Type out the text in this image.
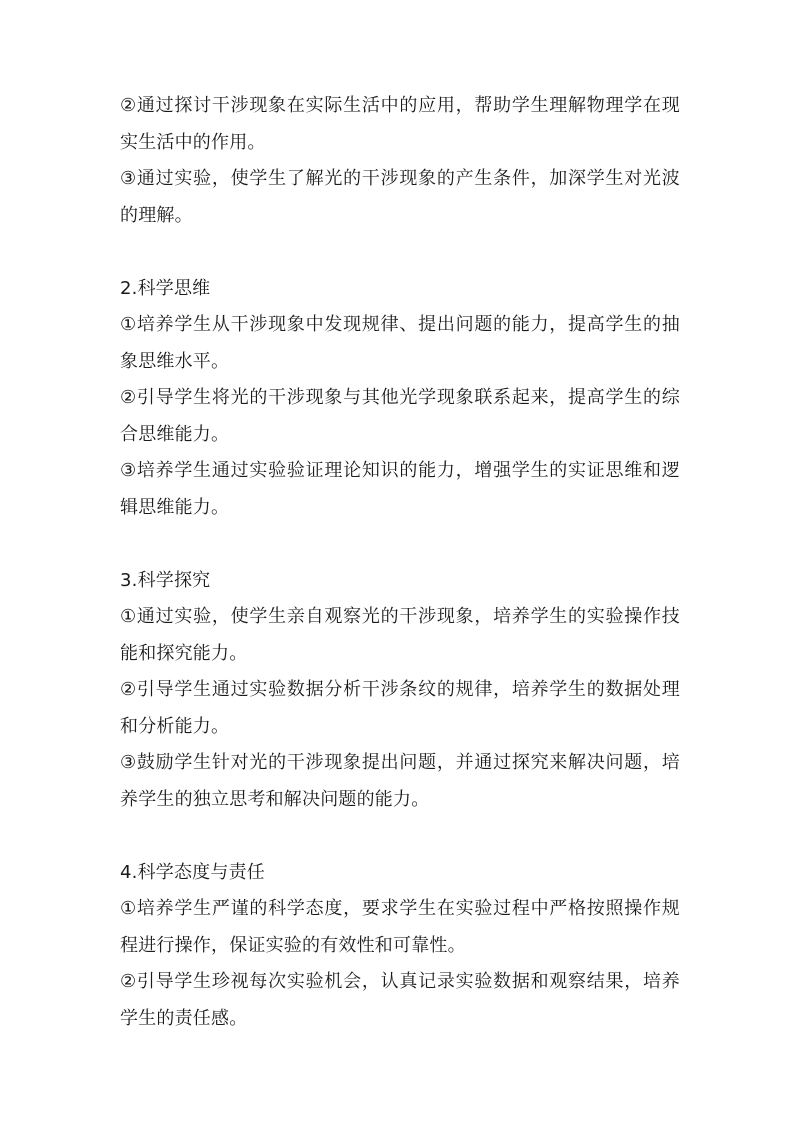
②通过探讨干涉现象在实际生活中的应用，帮助学生理解物理学在现实生活中的作用。

③通过实验，使学生了解光的干涉现象的产生条件，加深学生对光波的理解。

2.科学思维

①培养学生从干涉现象中发现规律、提出问题的能力，提高学生的抽象思维水平。

②引导学生将光的干涉现象与其他光学现象联系起来，提高学生的综合思维能力。

③培养学生通过实验验证理论知识的能力，增强学生的实证思维和逻辑思维能力。

3.科学探究

①通过实验，使学生亲自观察光的干涉现象，培养学生的实验操作技能和探究能力。

②引导学生通过实验数据分析干涉条纹的规律，培养学生的数据处理和分析能力。

③鼓励学生针对光的干涉现象提出问题，并通过探究来解决问题，培养学生的独立思考和解决问题的能力。

4.科学态度与责任

①培养学生严谨的科学态度，要求学生在实验过程中严格按照操作规程进行操作，保证实验的有效性和可靠性。

②引导学生珍视每次实验机会，认真记录实验数据和观察结果，培养学生的责任感。
